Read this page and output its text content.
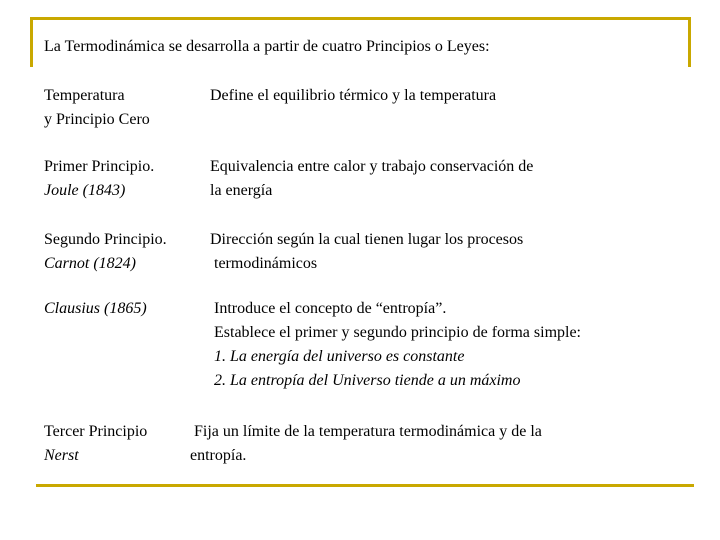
La Termodinámica se desarrolla a partir de cuatro Principios o Leyes:
Temperatura
y Principio Cero
Define el equilibrio térmico y la temperatura
Primer Principio.
Joule (1843)
Equivalencia entre calor y trabajo conservación de
la energía
Segundo Principio.
Carnot (1824)
Dirección según la cual tienen lugar los procesos
termodinámicos
Clausius (1865)	Introduce el concepto de “entropía”.
Establece el primer y segundo principio de forma simple:
1. La energía del universo es constante
2. La entropía del Universo tiende a un máximo
Tercer Principio
Nerst
Fija un límite de la temperatura termodinámica y de la
entropía.
